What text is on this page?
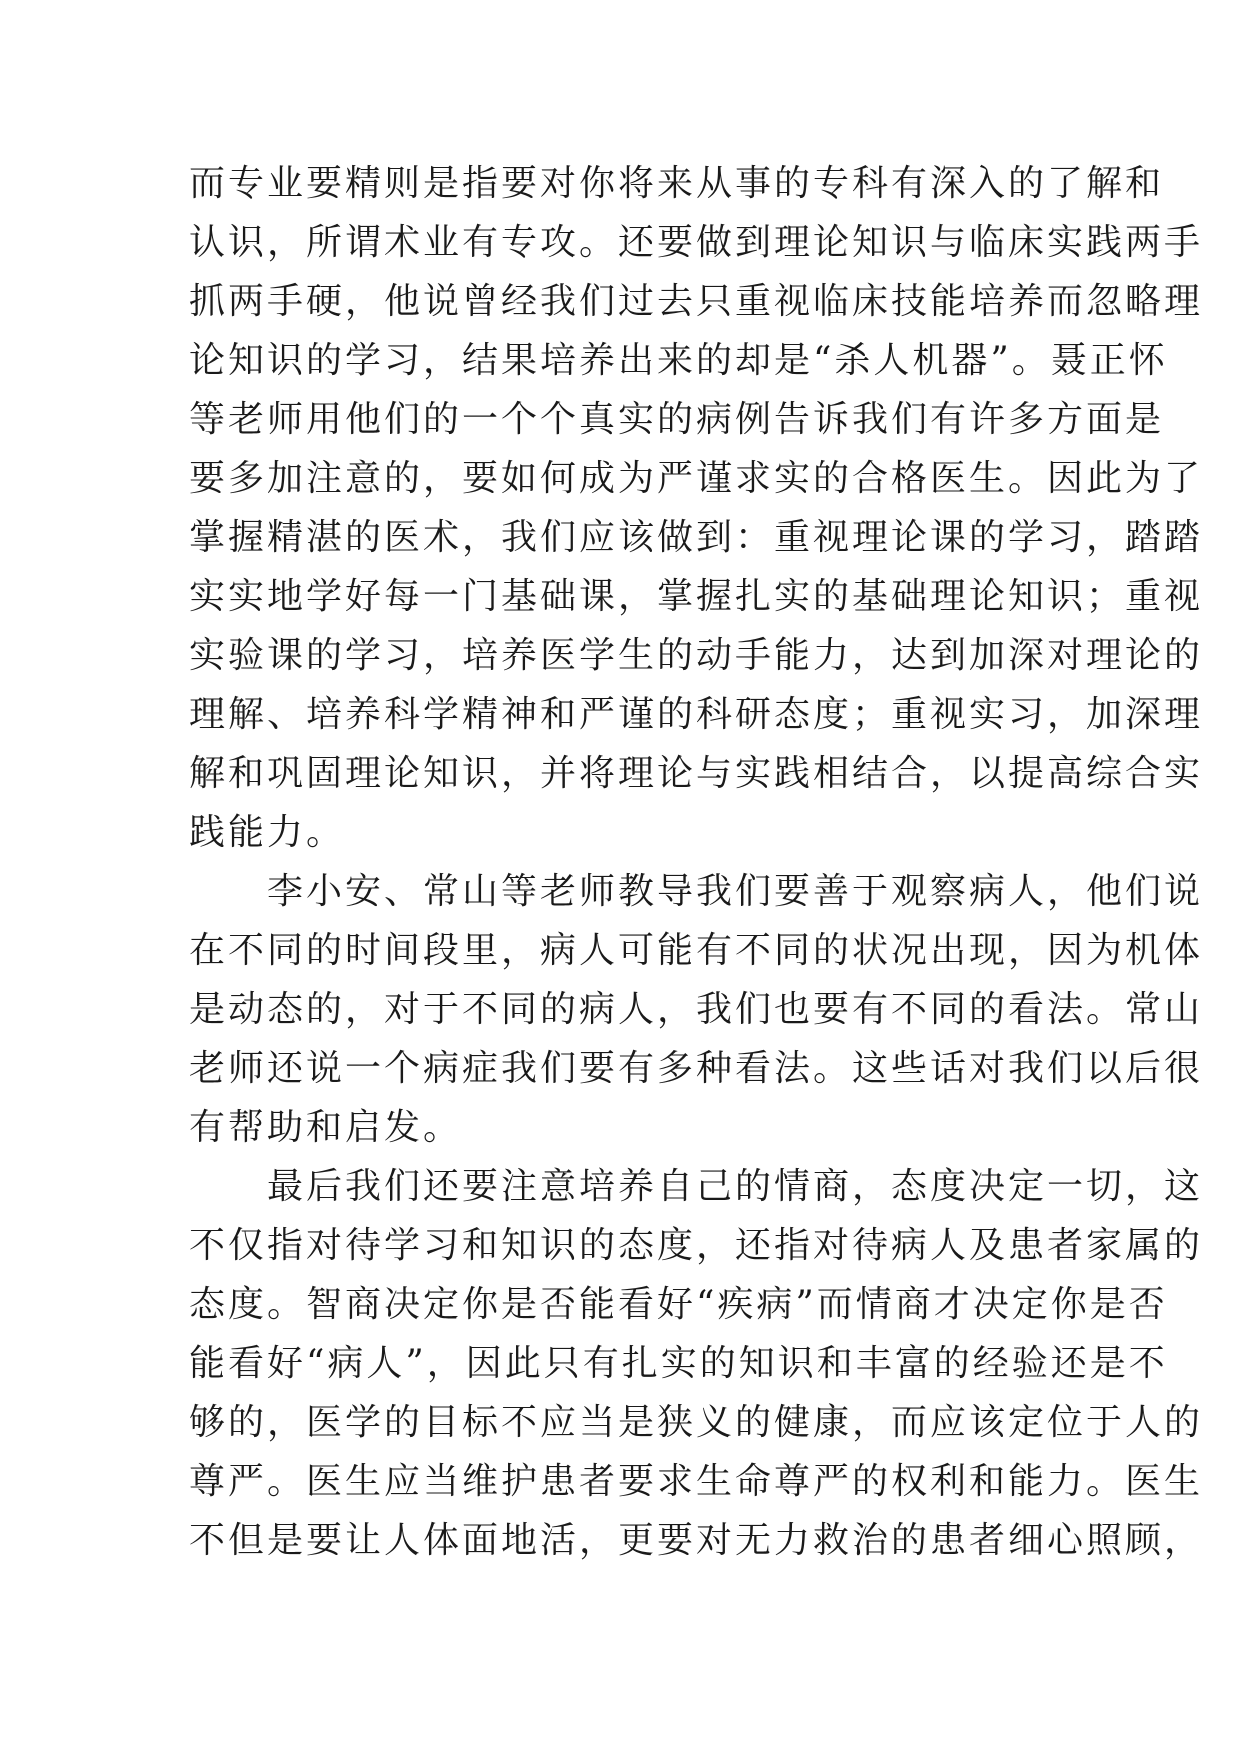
而专业要精则是指要对你将来从事的专科有深入的了解和
认识，所谓术业有专攻。还要做到理论知识与临床实践两手
抓两手硬，他说曾经我们过去只重视临床技能培养而忽略理
论知识的学习，结果培养出来的却是“杀人机器”。聂正怀
等老师用他们的一个个真实的病例告诉我们有许多方面是
要多加注意的，要如何成为严谨求实的合格医生。因此为了
掌握精湛的医术，我们应该做到：重视理论课的学习，踏踏
实实地学好每一门基础课，掌握扎实的基础理论知识；重视
实验课的学习，培养医学生的动手能力，达到加深对理论的
理解、培养科学精神和严谨的科研态度；重视实习，加深理
解和巩固理论知识，并将理论与实践相结合，以提高综合实
践能力。
李小安、常山等老师教导我们要善于观察病人，他们说
在不同的时间段里，病人可能有不同的状况出现，因为机体
是动态的，对于不同的病人，我们也要有不同的看法。常山
老师还说一个病症我们要有多种看法。这些话对我们以后很
有帮助和启发。
最后我们还要注意培养自己的情商，态度决定一切，这
不仅指对待学习和知识的态度，还指对待病人及患者家属的
态度。智商决定你是否能看好“疾病”而情商才决定你是否
能看好“病人”，因此只有扎实的知识和丰富的经验还是不
够的，医学的目标不应当是狭义的健康，而应该定位于人的
尊严。医生应当维护患者要求生命尊严的权利和能力。医生
不但是要让人体面地活，更要对无力救治的患者细心照顾，
